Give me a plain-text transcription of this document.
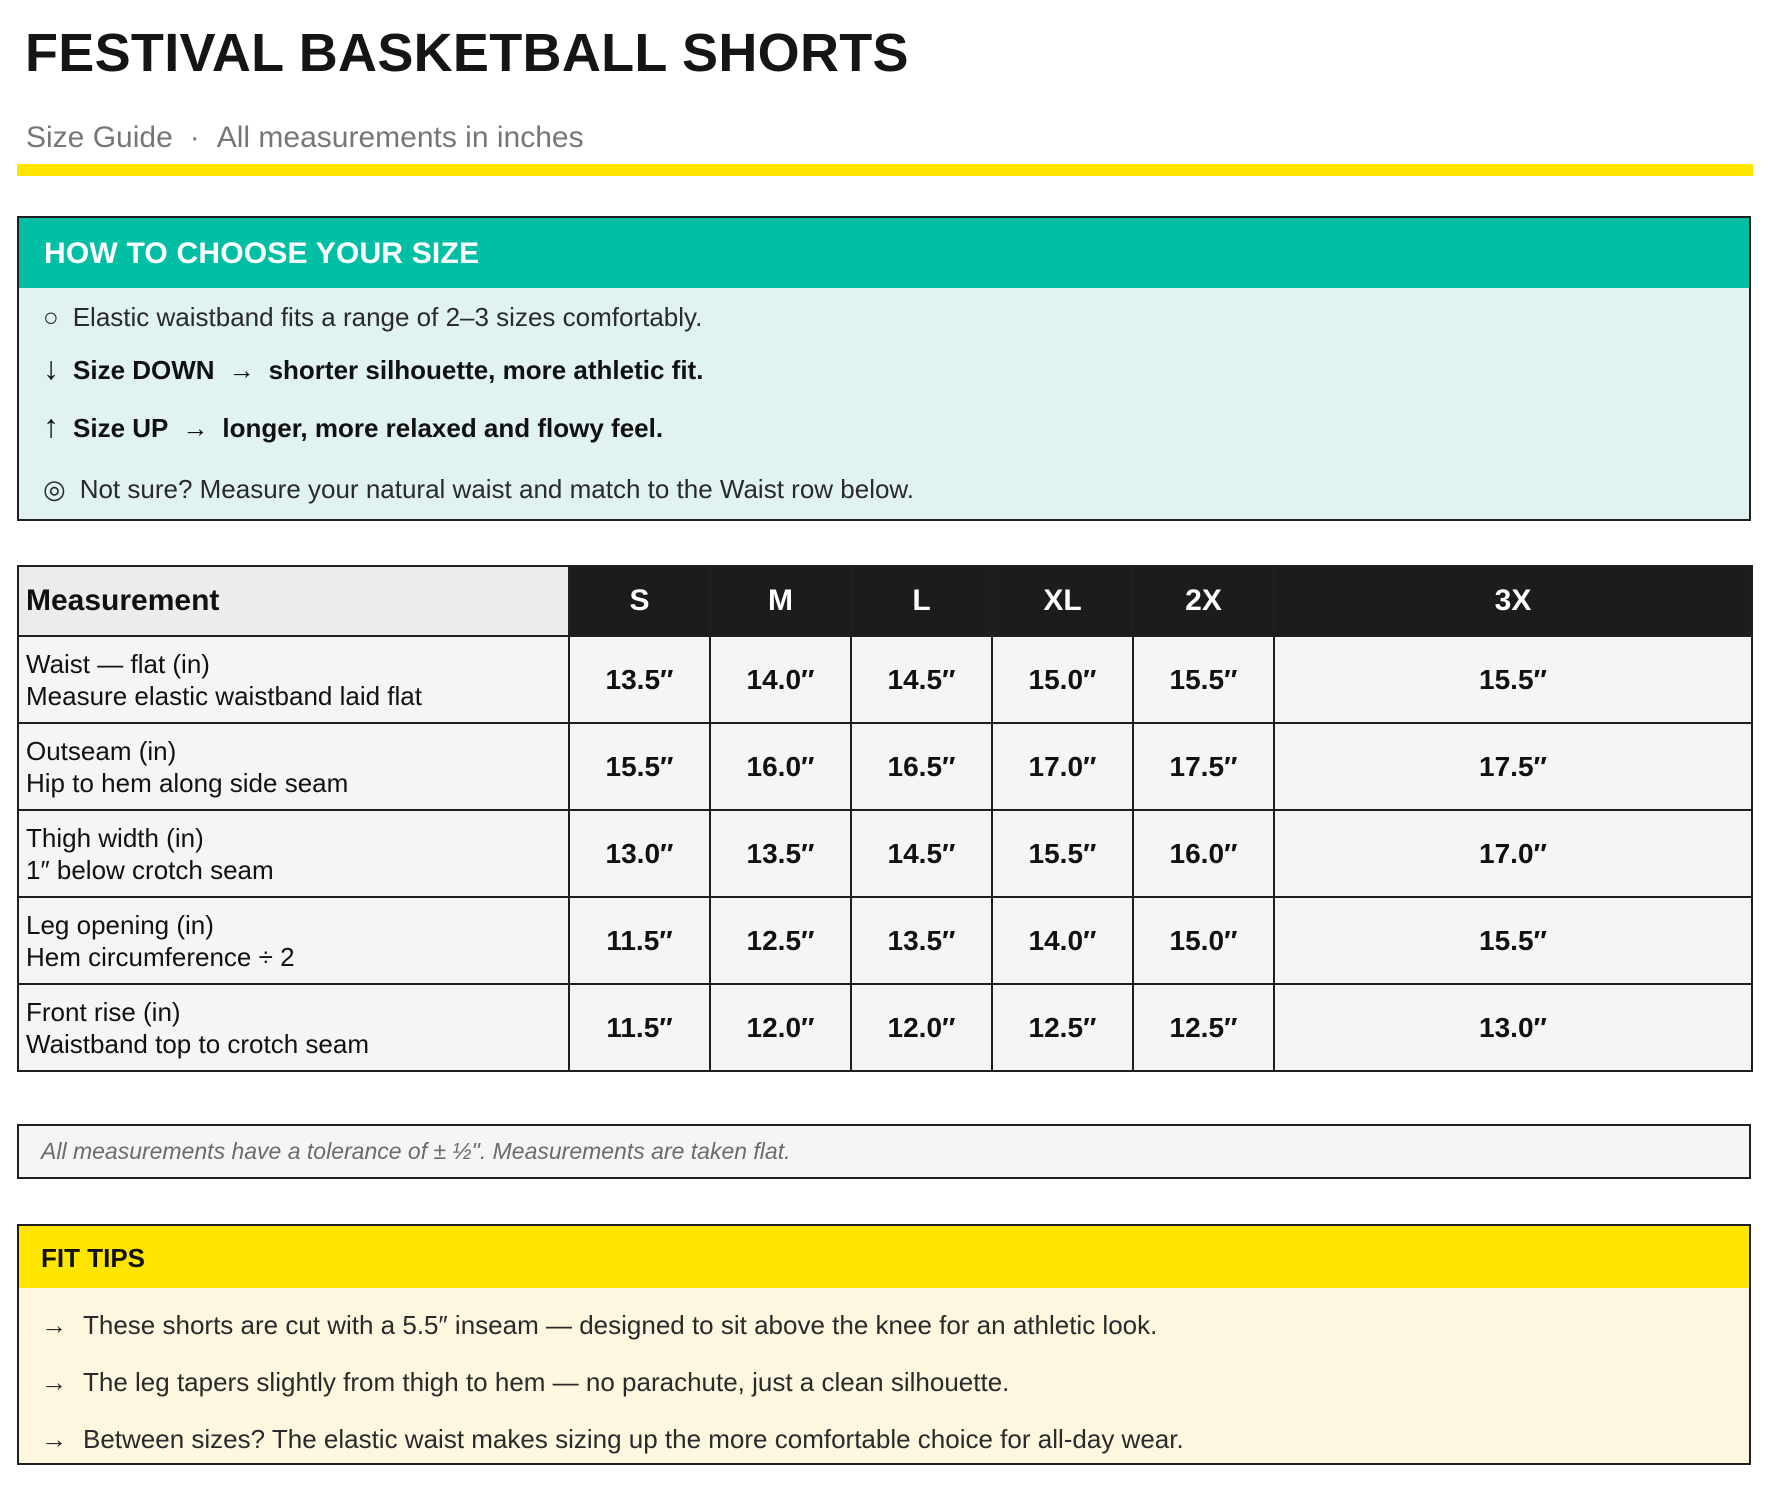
FESTIVAL BASKETBALL SHORTS
Size Guide · All measurements in inches
HOW TO CHOOSE YOUR SIZE
○ Elastic waistband fits a range of 2–3 sizes comfortably.
↓ Size DOWN → shorter silhouette, more athletic fit.
↑ Size UP → longer, more relaxed and flowy feel.
◎ Not sure? Measure your natural waist and match to the Waist row below.
Measurement	S	M	L	XL	2X	3X

Waist — flat (in)
Measure elastic waistband laid flat	13.5″	14.0″	14.5″	15.0″	15.5″	15.5″

Outseam (in)
Hip to hem along side seam	15.5″	16.0″	16.5″	17.0″	17.5″	17.5″

Thigh width (in)
1″ below crotch seam	13.0″	13.5″	14.5″	15.5″	16.0″	17.0″

Leg opening (in)
Hem circumference ÷ 2	11.5″	12.5″	13.5″	14.0″	15.0″	15.5″

Front rise (in)
Waistband top to crotch seam	11.5″	12.0″	12.0″	12.5″	12.5″	13.0″
All measurements have a tolerance of ± ½". Measurements are taken flat.
FIT TIPS
→ These shorts are cut with a 5.5″ inseam — designed to sit above the knee for an athletic look.
→ The leg tapers slightly from thigh to hem — no parachute, just a clean silhouette.
→ Between sizes? The elastic waist makes sizing up the more comfortable choice for all-day wear.
